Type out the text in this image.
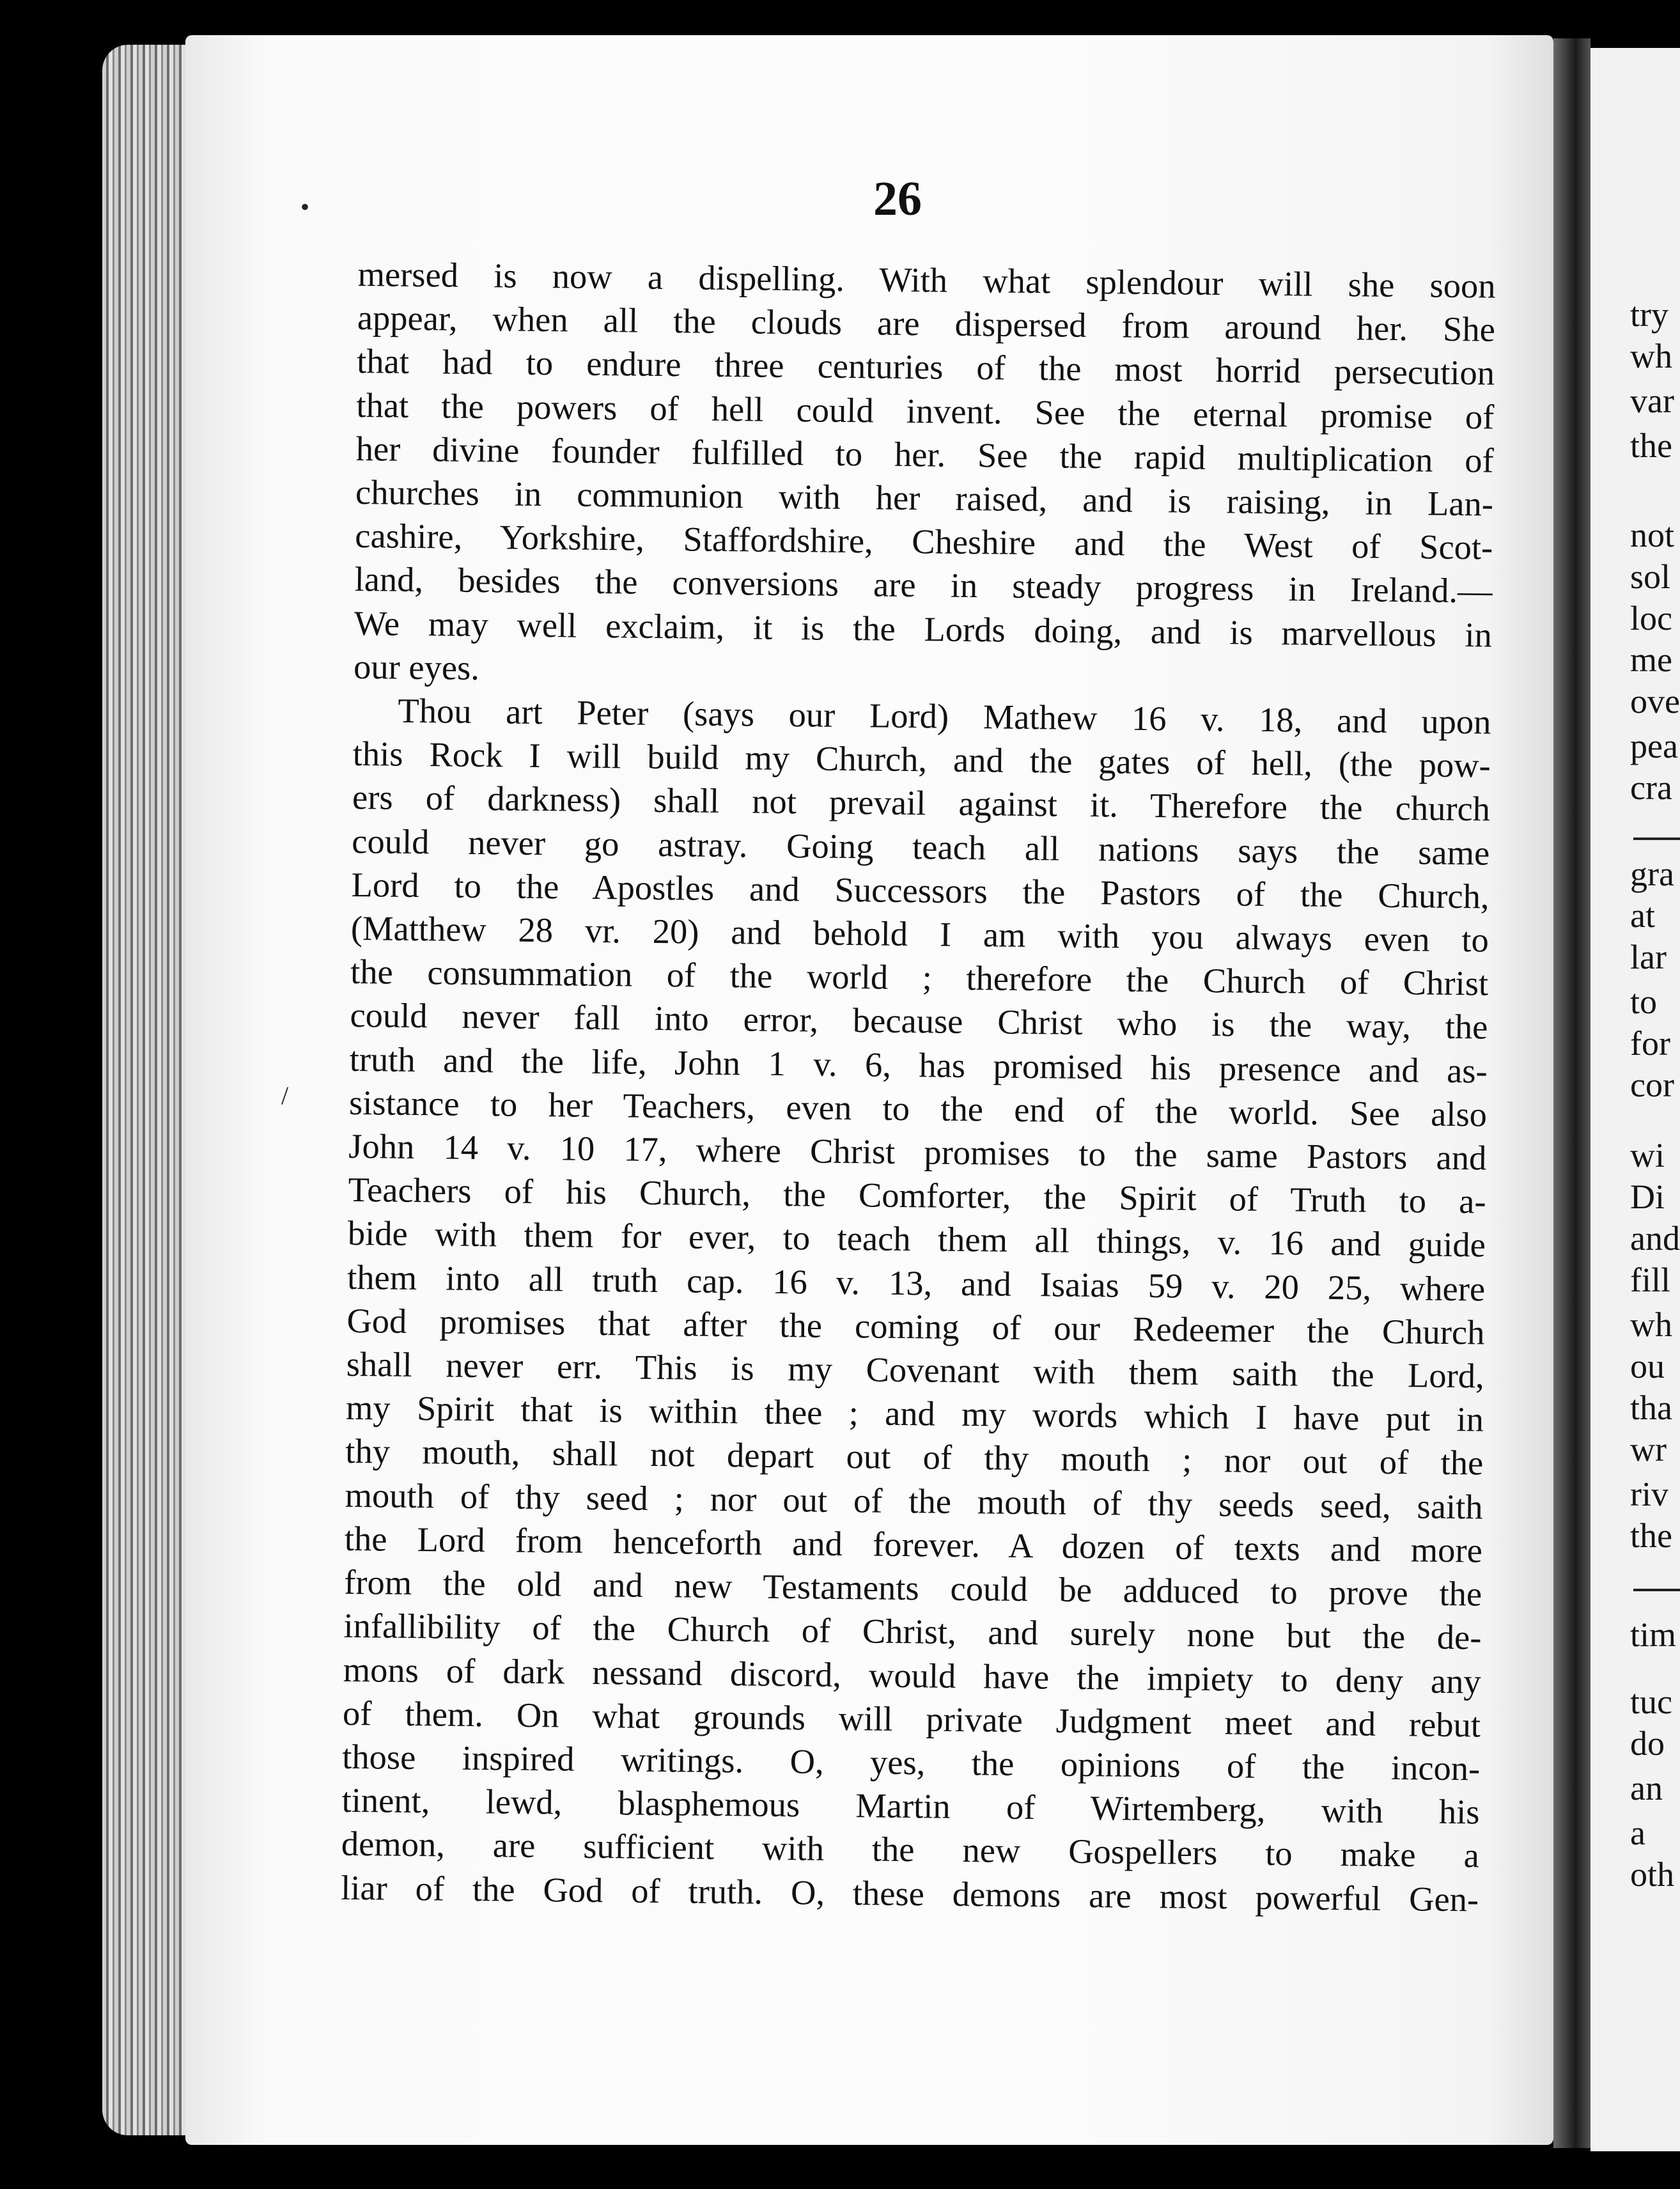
26
mersed is now a dispelling. With what splendour will she soon
appear, when all the clouds are dispersed from around her. She
that had to endure three centuries of the most horrid persecution
that the powers of hell could invent. See the eternal promise of
her divine founder fulfilled to her. See the rapid multiplication of
churches in communion with her raised, and is raising, in Lan-
cashire, Yorkshire, Staffordshire, Cheshire and the West of Scot-
land, besides the conversions are in steady progress in Ireland.—
We may well exclaim, it is the Lords doing, and is marvellous in
our eyes.
Thou art Peter (says our Lord) Mathew 16 v. 18, and upon
this Rock I will build my Church, and the gates of hell, (the pow-
ers of darkness) shall not prevail against it. Therefore the church
could never go astray. Going teach all nations says the same
Lord to the Apostles and Successors the Pastors of the Church,
(Matthew 28 vr. 20) and behold I am with you always even to
the consummation of the world ; therefore the Church of Christ
could never fall into error, because Christ who is the way, the
truth and the life, John 1 v. 6, has promised his presence and as-
sistance to her Teachers, even to the end of the world. See also
John 14 v. 10 17, where Christ promises to the same Pastors and
Teachers of his Church, the Comforter, the Spirit of Truth to a-
bide with them for ever, to teach them all things, v. 16 and guide
them into all truth cap. 16 v. 13, and Isaias 59 v. 20 25, where
God promises that after the coming of our Redeemer the Church
shall never err. This is my Covenant with them saith the Lord,
my Spirit that is within thee ; and my words which I have put in
thy mouth, shall not depart out of thy mouth ; nor out of the
mouth of thy seed ; nor out of the mouth of thy seeds seed, saith
the Lord from henceforth and forever. A dozen of texts and more
from the old and new Testaments could be adduced to prove the
infallibility of the Church of Christ, and surely none but the de-
mons of dark nessand discord, would have the impiety to deny any
of them. On what grounds will private Judgment meet and rebut
those inspired writings. O, yes, the opinions of the incon-
tinent, lewd, blasphemous Martin of Wirtemberg, with his
demon, are sufficient with the new Gospellers to make a
liar of the God of truth. O, these demons are most powerful Gen-
try
wh
var
the
not
sol
loc
me
ove
pea
cra
gra
at
lar
to
for
cor
wi
Di
and
fill
wh
ou
tha
wr
riv
the
tim
tuc
do
an
a
oth
•
/
